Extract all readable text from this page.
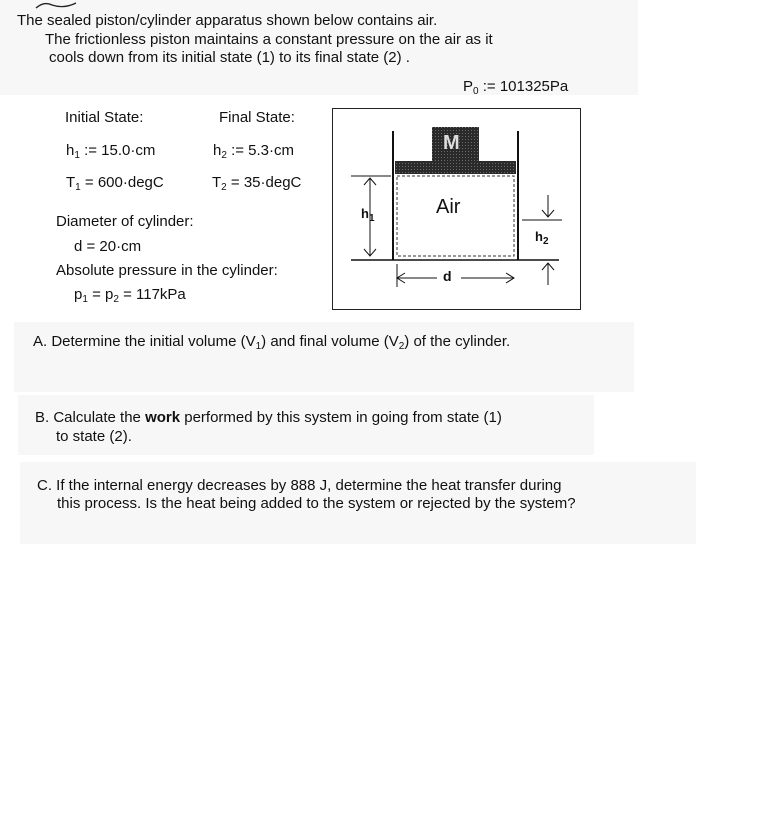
The sealed piston/cylinder apparatus shown below contains air.
The frictionless piston maintains a constant pressure on the air as it
cools down from its initial state (1) to its final state (2) .
$P_0$ := 101325Pa
Initial State:	Final State:
$h_1$ := 15.0·cm	$h_2$ := 5.3·cm
$T_1$ = 600·degC	$T_2$ = 35·degC
Diameter of cylinder:
d = 20·cm
Absolute pressure in the cylinder:
$p_1 = p_2 = 117kPa$
M
Air
$h_1$
$h_2$
d
A. Determine the initial volume $(V_1)$ and final volume $(V_2)$ of the cylinder.
B. Calculate the work performed by this system in going from state (1)
to state (2).
C. If the internal energy decreases by 888 J, determine the heat transfer during
this process. Is the heat being added to the system or rejected by the system?
